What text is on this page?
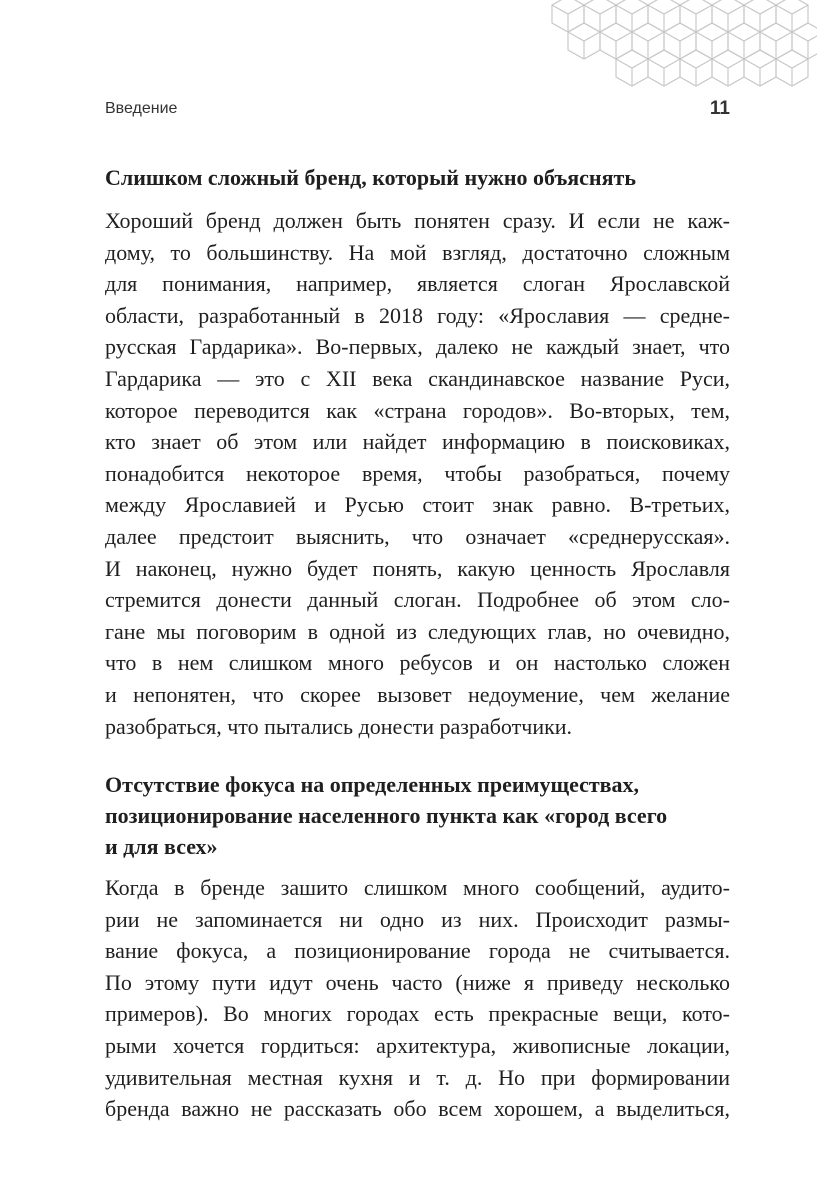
Введение	11
Слишком сложный бренд, который нужно объяснять

Хороший бренд должен быть понятен сразу. И если не каж-
дому, то большинству. На мой взгляд, достаточно сложным
для понимания, например, является слоган Ярославской
области, разработанный в 2018 году: «Ярославия — средне-
русская Гардарика». Во-первых, далеко не каждый знает, что
Гардарика — это с XII века скандинавское название Руси,
которое переводится как «страна городов». Во-вторых, тем,
кто знает об этом или найдет информацию в поисковиках,
понадобится некоторое время, чтобы разобраться, почему
между Ярославией и Русью стоит знак равно. В-третьих,
далее предстоит выяснить, что означает «среднерусская».
И наконец, нужно будет понять, какую ценность Ярославля
стремится донести данный слоган. Подробнее об этом сло-
гане мы поговорим в одной из следующих глав, но очевидно,
что в нем слишком много ребусов и он настолько сложен
и непонятен, что скорее вызовет недоумение, чем желание
разобраться, что пытались донести разработчики.

Отсутствие фокуса на определенных преимуществах,
позиционирование населенного пункта как «город всего
и для всех»

Когда в бренде зашито слишком много сообщений, аудито-
рии не запоминается ни одно из них. Происходит размы-
вание фокуса, а позиционирование города не считывается.
По этому пути идут очень часто (ниже я приведу несколько
примеров). Во многих городах есть прекрасные вещи, кото-
рыми хочется гордиться: архитектура, живописные локации,
удивительная местная кухня и т. д. Но при формировании
бренда важно не рассказать обо всем хорошем, а выделиться,
